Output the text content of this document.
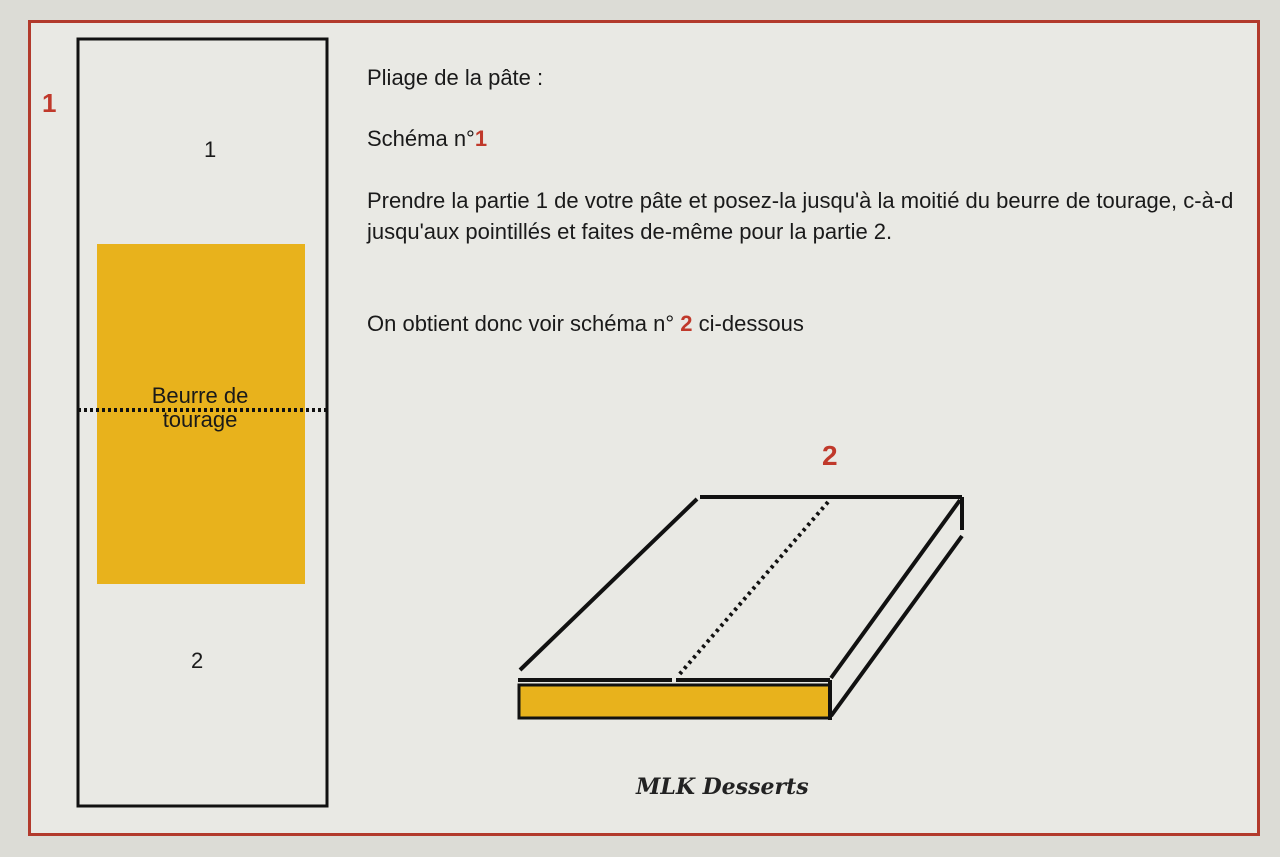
1
1
2
Beurre de tourage
Pliage de la pâte :
Schéma n°1
Prendre la partie 1 de votre pâte et posez-la jusqu'à la moitié du beurre de tourage, c-à-d jusqu'aux pointillés et faites de-même pour la partie 2.
On obtient donc voir schéma n° 2 ci-dessous
2
MLK Desserts
